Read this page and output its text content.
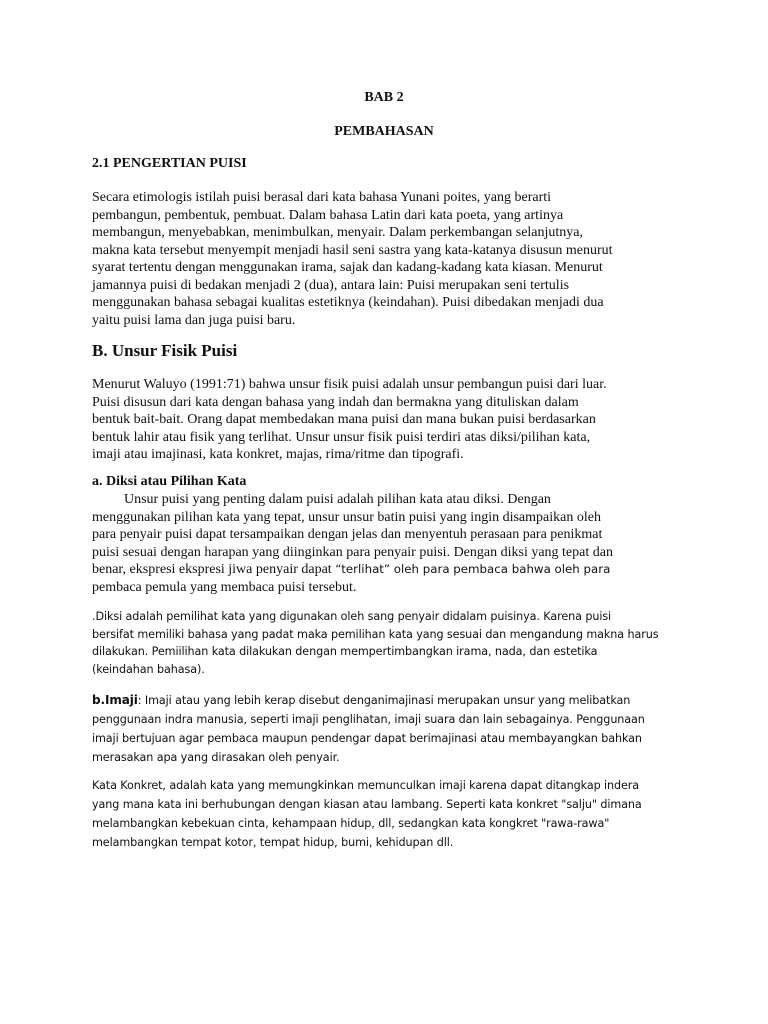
BAB 2
PEMBAHASAN

2.1 PENGERTIAN PUISI

Secara etimologis istilah puisi berasal dari kata bahasa Yunani poites, yang berarti

pembangun, pembentuk, pembuat. Dalam bahasa Latin dari kata poeta, yang artinya

membangun, menyebabkan, menimbulkan, menyair. Dalam perkembangan selanjutnya,

makna kata tersebut menyempit menjadi hasil seni sastra yang kata-katanya disusun menurut

syarat tertentu dengan menggunakan irama, sajak dan kadang-kadang kata kiasan. Menurut

jamannya puisi di bedakan menjadi 2 (dua), antara lain: Puisi merupakan seni tertulis

menggunakan bahasa sebagai kualitas estetiknya (keindahan). Puisi dibedakan menjadi dua

yaitu puisi lama dan juga puisi baru.

B. Unsur Fisik Puisi

Menurut Waluyo (1991:71) bahwa unsur fisik puisi adalah unsur pembangun puisi dari luar.

Puisi disusun dari kata dengan bahasa yang indah dan bermakna yang dituliskan dalam

bentuk bait-bait. Orang dapat membedakan mana puisi dan mana bukan puisi berdasarkan

bentuk lahir atau fisik yang terlihat. Unsur unsur fisik puisi terdiri atas diksi/pilihan kata,

imaji atau imajinasi, kata konkret, majas, rima/ritme dan tipografi.

a. Diksi atau Pilihan Kata

Unsur puisi yang penting dalam puisi adalah pilihan kata atau diksi. Dengan

menggunakan pilihan kata yang tepat, unsur unsur batin puisi yang ingin disampaikan oleh

para penyair puisi dapat tersampaikan dengan jelas dan menyentuh perasaan para penikmat

puisi sesuai dengan harapan yang diinginkan para penyair puisi. Dengan diksi yang tepat dan

benar, ekspresi ekspresi jiwa penyair dapat “terlihat” oleh para pembaca bahwa oleh para

pembaca pemula yang membaca puisi tersebut.

.Diksi adalah pemilihat kata yang digunakan oleh sang penyair didalam puisinya. Karena puisi

bersifat memiliki bahasa yang padat maka pemilihan kata yang sesuai dan mengandung makna harus

dilakukan. Pemiilihan kata dilakukan dengan mempertimbangkan irama, nada, dan estetika

(keindahan bahasa).

b.Imaji: Imaji atau yang lebih kerap disebut denganimajinasi merupakan unsur yang melibatkan

penggunaan indra manusia, seperti imaji penglihatan, imaji suara dan lain sebagainya. Penggunaan

imaji bertujuan agar pembaca maupun pendengar dapat berimajinasi atau membayangkan bahkan

merasakan apa yang dirasakan oleh penyair.

Kata Konkret, adalah kata yang memungkinkan memunculkan imaji karena dapat ditangkap indera

yang mana kata ini berhubungan dengan kiasan atau lambang. Seperti kata konkret "salju" dimana

melambangkan kebekuan cinta, kehampaan hidup, dll, sedangkan kata kongkret "rawa-rawa"

melambangkan tempat kotor, tempat hidup, bumi, kehidupan dll.
